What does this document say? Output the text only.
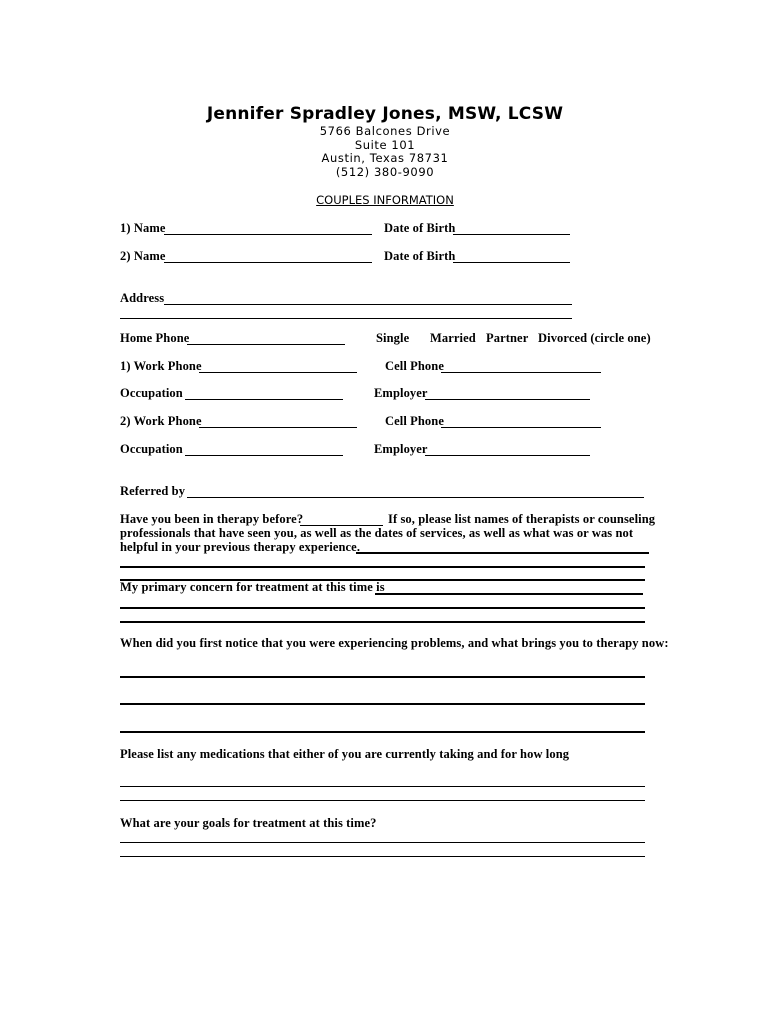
Jennifer Spradley Jones, MSW, LCSW
5766 Balcones Drive
Suite 101
Austin, Texas 78731
(512) 380-9090
COUPLES INFORMATION
1) Name	Date of Birth
2) Name	Date of Birth
Address
Home Phone	Single Married Partner Divorced (circle one)
1) Work Phone	Cell Phone
Occupation	Employer
2) Work Phone	Cell Phone
Occupation	Employer
Referred by
Have you been in therapy before?	If so, please list names of therapists or counseling
professionals that have seen you, as well as the dates of services, as well as what was or was not
helpful in your previous therapy experience.
My primary concern for treatment at this time is
When did you first notice that you were experiencing problems, and what brings you to therapy now:
Please list any medications that either of you are currently taking and for how long
What are your goals for treatment at this time?
